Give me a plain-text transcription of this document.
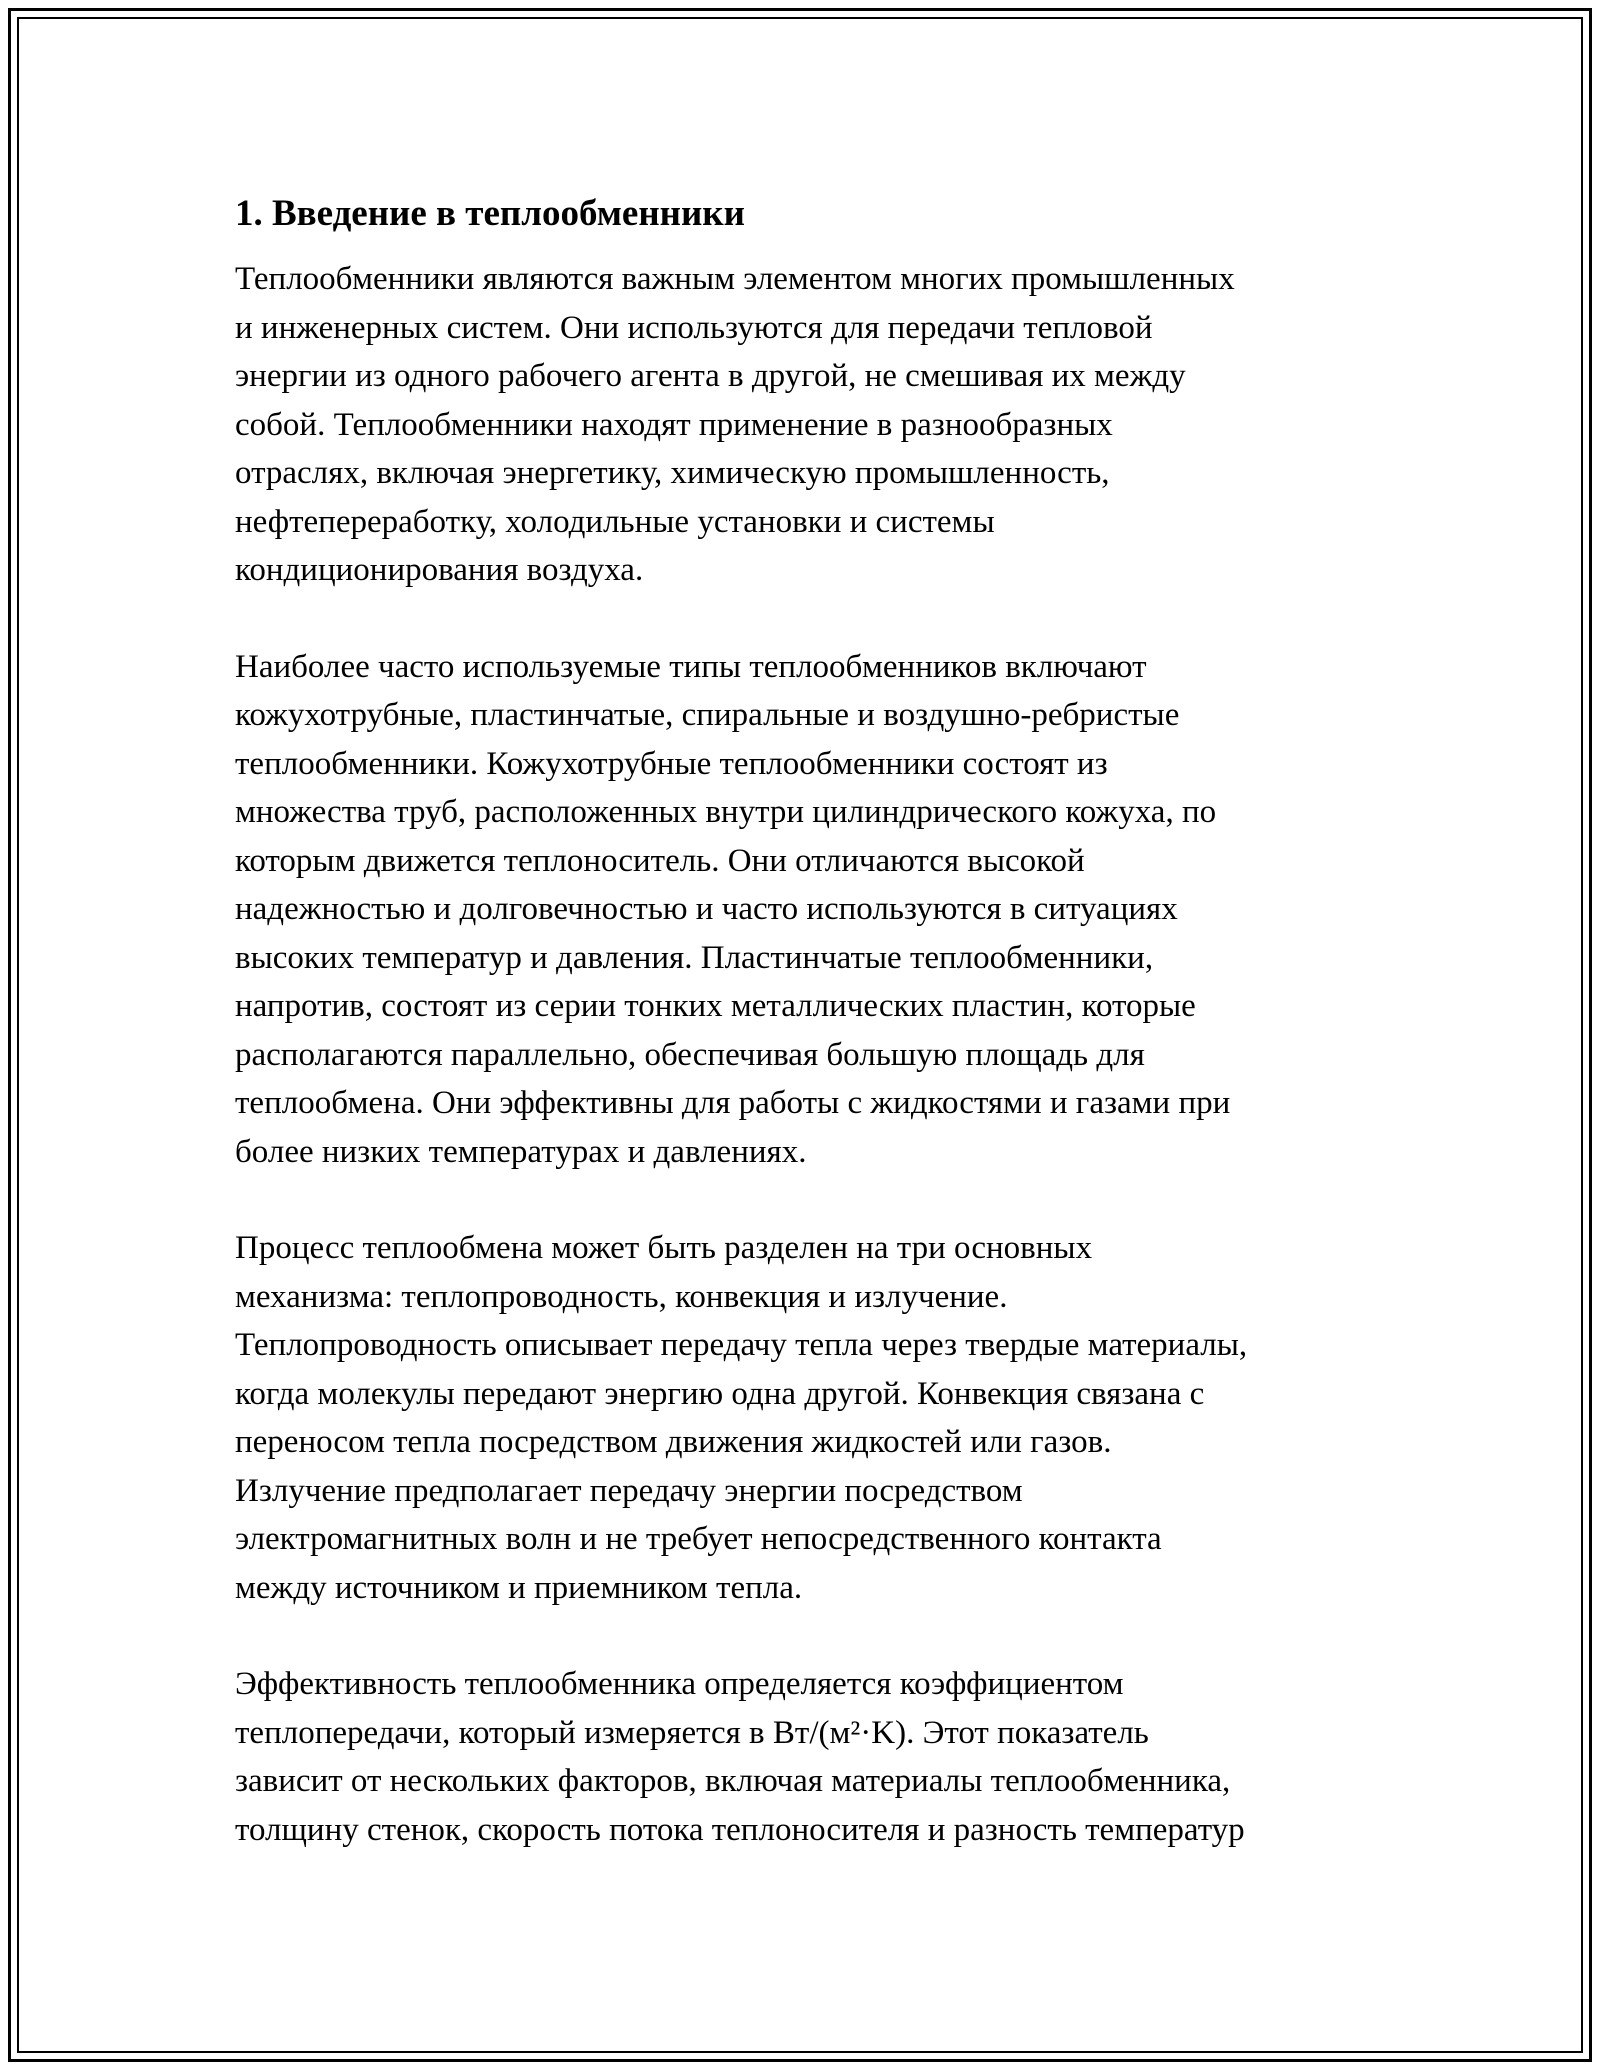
1. Введение в теплообменники

Теплообменники являются важным элементом многих промышленных
и инженерных систем. Они используются для передачи тепловой
энергии из одного рабочего агента в другой, не смешивая их между
собой. Теплообменники находят применение в разнообразных
отраслях, включая энергетику, химическую промышленность,
нефтепереработку, холодильные установки и системы
кондиционирования воздуха.

Наиболее часто используемые типы теплообменников включают
кожухотрубные, пластинчатые, спиральные и воздушно-ребристые
теплообменники. Кожухотрубные теплообменники состоят из
множества труб, расположенных внутри цилиндрического кожуха, по
которым движется теплоноситель. Они отличаются высокой
надежностью и долговечностью и часто используются в ситуациях
высоких температур и давления. Пластинчатые теплообменники,
напротив, состоят из серии тонких металлических пластин, которые
располагаются параллельно, обеспечивая большую площадь для
теплообмена. Они эффективны для работы с жидкостями и газами при
более низких температурах и давлениях.

Процесс теплообмена может быть разделен на три основных
механизма: теплопроводность, конвекция и излучение.
Теплопроводность описывает передачу тепла через твердые материалы,
когда молекулы передают энергию одна другой. Конвекция связана с
переносом тепла посредством движения жидкостей или газов.
Излучение предполагает передачу энергии посредством
электромагнитных волн и не требует непосредственного контакта
между источником и приемником тепла.

Эффективность теплообменника определяется коэффициентом
теплопередачи, который измеряется в Вт/(м²·K). Этот показатель
зависит от нескольких факторов, включая материалы теплообменника,
толщину стенок, скорость потока теплоносителя и разность температур
